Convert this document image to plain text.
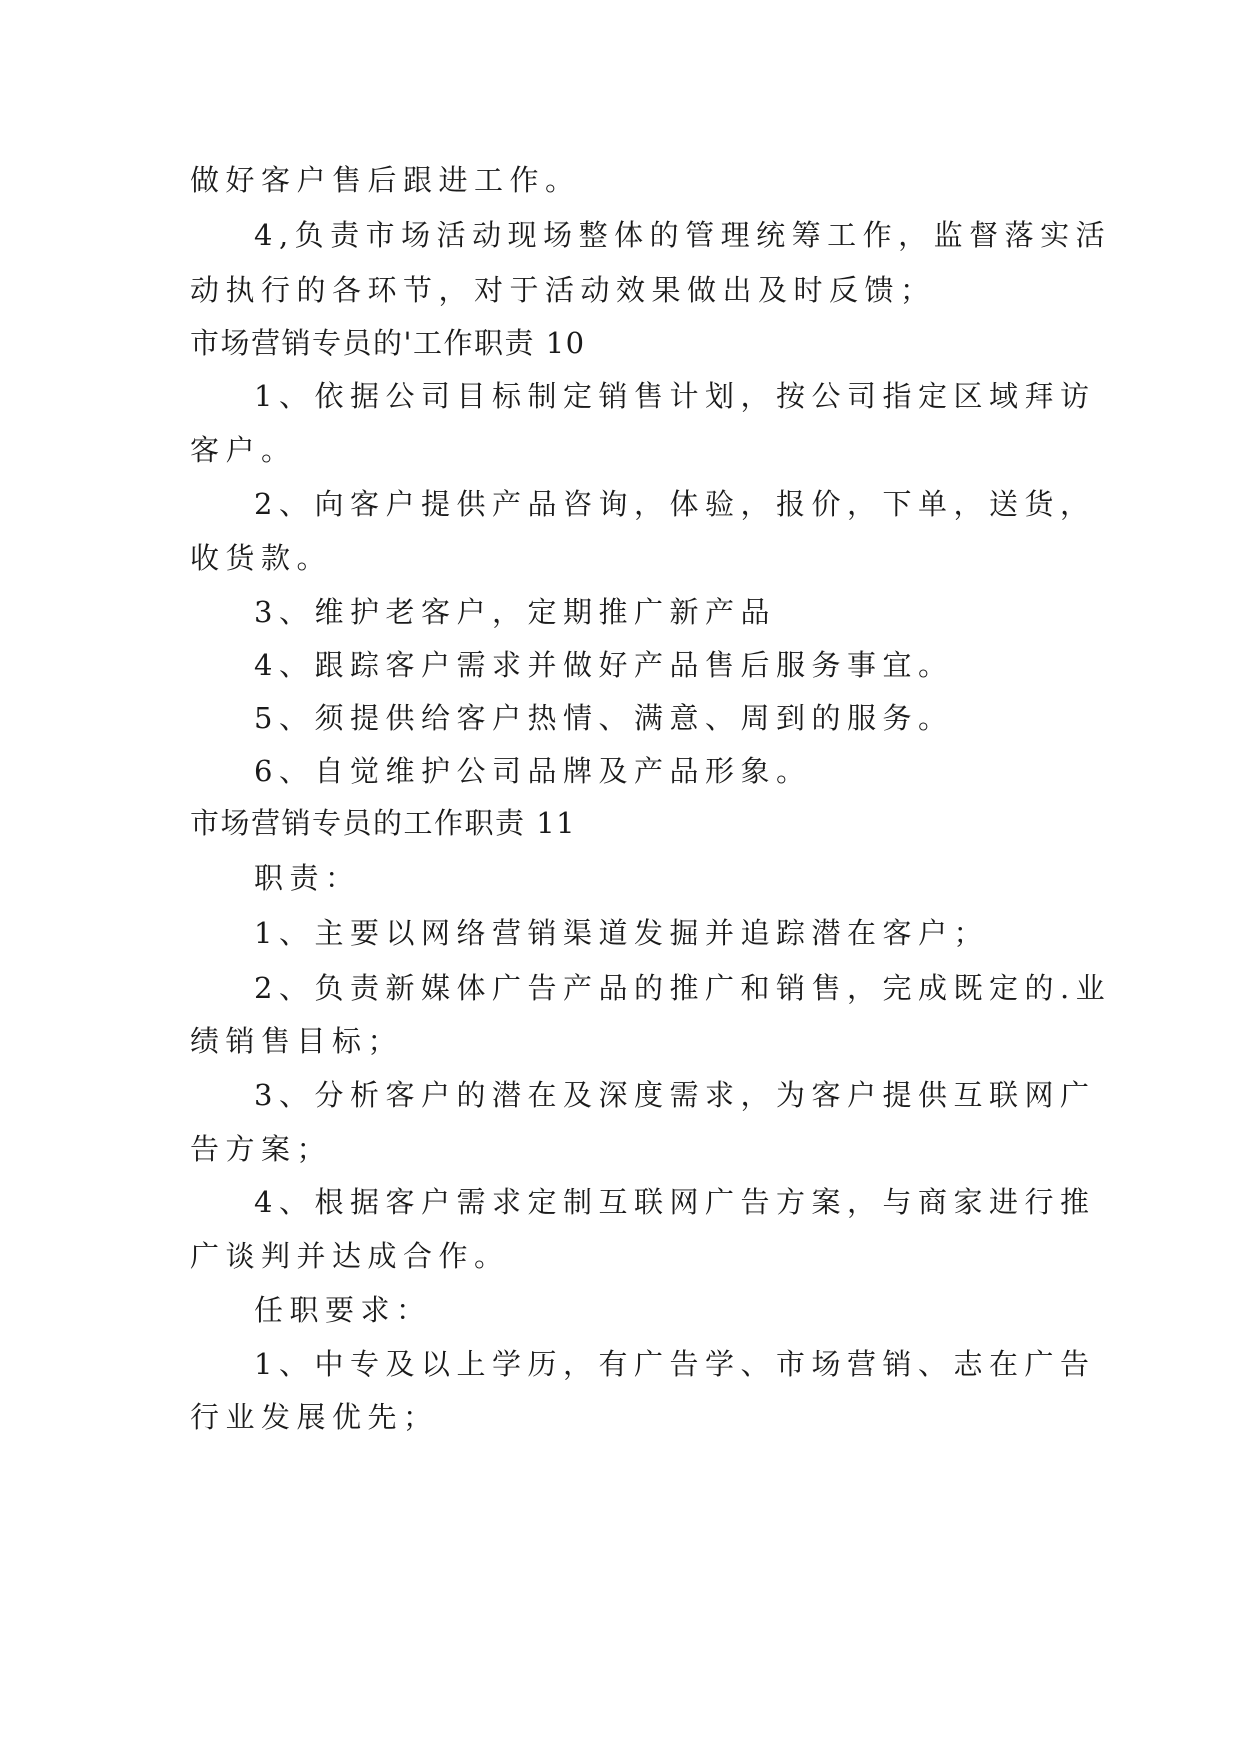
做好客户售后跟进工作。
4,负责市场活动现场整体的管理统筹工作，监督落实活
动执行的各环节，对于活动效果做出及时反馈；
市场营销专员的'工作职责 10
1、依据公司目标制定销售计划，按公司指定区域拜访
客户。
2、向客户提供产品咨询，体验，报价，下单，送货，
收货款。
3、维护老客户，定期推广新产品
4、跟踪客户需求并做好产品售后服务事宜。
5、须提供给客户热情、满意、周到的服务。
6、自觉维护公司品牌及产品形象。
市场营销专员的工作职责 11
职责：
1、主要以网络营销渠道发掘并追踪潜在客户；
2、负责新媒体广告产品的推广和销售，完成既定的.业
绩销售目标；
3、分析客户的潜在及深度需求，为客户提供互联网广
告方案；
4、根据客户需求定制互联网广告方案，与商家进行推
广谈判并达成合作。
任职要求：
1、中专及以上学历，有广告学、市场营销、志在广告
行业发展优先；
